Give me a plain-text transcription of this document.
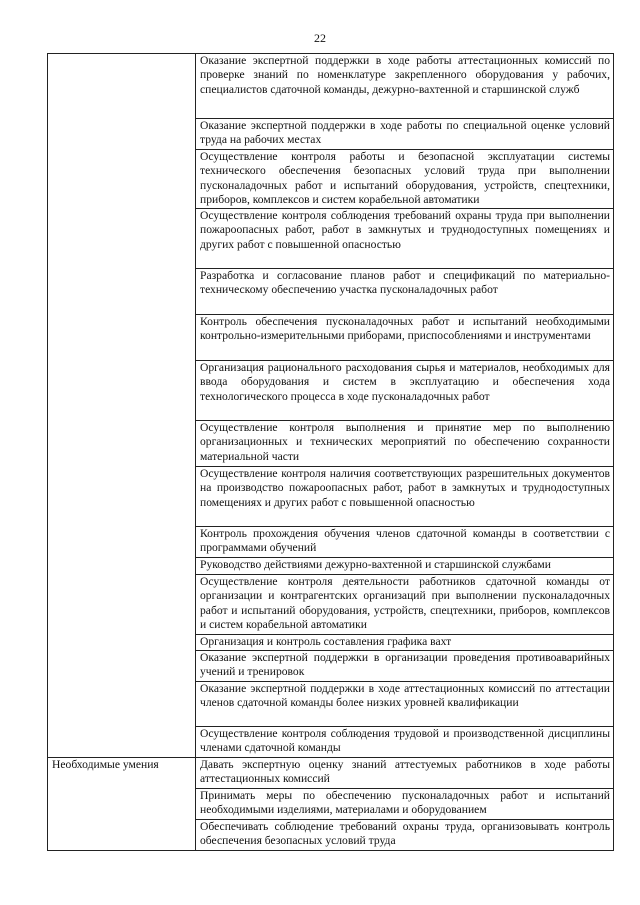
22

	Оказание экспертной поддержки в ходе работы аттестационных комиссий по проверке знаний по номенклатуре закрепленного оборудования у рабочих, специалистов сдаточной команды, дежурно-вахтенной и старшинской служб

	Оказание экспертной поддержки в ходе работы по специальной оценке условий труда на рабочих местах

	Осуществление контроля работы и безопасной эксплуатации системы технического обеспечения безопасных условий труда при выполнении пусконаладочных работ и испытаний оборудования, устройств, спецтехники, приборов, комплексов и систем корабельной автоматики

	Осуществление контроля соблюдения требований охраны труда при выполнении пожароопасных работ, работ в замкнутых и труднодоступных помещениях и других работ с повышенной опасностью

	Разработка и согласование планов работ и спецификаций по материально-техническому обеспечению участка пусконаладочных работ

	Контроль обеспечения пусконаладочных работ и испытаний необходимыми контрольно-измерительными приборами, приспособлениями и инструментами

	Организация рационального расходования сырья и материалов, необходимых для ввода оборудования и систем в эксплуатацию и обеспечения хода технологического процесса в ходе пусконаладочных работ

	Осуществление контроля выполнения и принятие мер по выполнению организационных и технических мероприятий по обеспечению сохранности материальной части

	Осуществление контроля наличия соответствующих разрешительных документов на производство пожароопасных работ, работ в замкнутых и труднодоступных помещениях и других работ с повышенной опасностью

	Контроль прохождения обучения членов сдаточной команды в соответствии с программами обучений

	Руководство действиями дежурно-вахтенной и старшинской службами

	Осуществление контроля деятельности работников сдаточной команды от организации и контрагентских организаций при выполнении пусконаладочных работ и испытаний оборудования, устройств, спецтехники, приборов, комплексов и систем корабельной автоматики

	Организация и контроль составления графика вахт

	Оказание экспертной поддержки в организации проведения противоаварийных учений и тренировок

	Оказание экспертной поддержки в ходе аттестационных комиссий по аттестации членов сдаточной команды более низких уровней квалификации

	Осуществление контроля соблюдения трудовой и производственной дисциплины членами сдаточной команды

Необходимые умения	Давать экспертную оценку знаний аттестуемых работников в ходе работы аттестационных комиссий

	Принимать меры по обеспечению пусконаладочных работ и испытаний необходимыми изделиями, материалами и оборудованием

	Обеспечивать соблюдение требований охраны труда, организовывать контроль обеспечения безопасных условий труда
